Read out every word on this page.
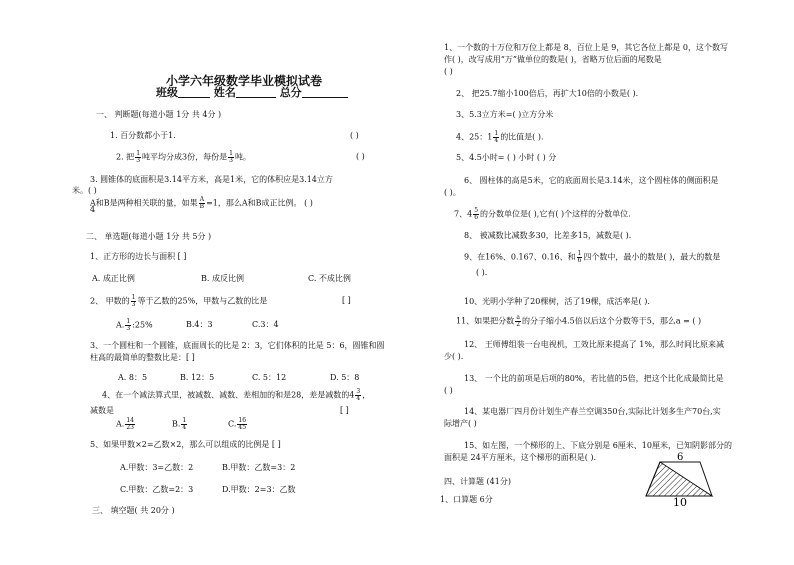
小学六年级数学毕业模拟试卷
班级	姓名	总分
一、 判断题(每道小题 1分 共 4分 )
1. 百分数都小于1.	( )
2. 把 $\frac{1}{3}$ 吨平均分成3份，每份是 $\frac{1}{3}$ 吨。	( )
3. 圆锥体的底面积是3.14平方米，高是1米，它的体积应是3.14立方
米。( )
4
A和B是两种相关联的量，如果 $\frac{A}{B} =1$，那么A和B成正比例。 ( )
二、 单选题(每道小题 1分 共 5分 )
1、正方形的边长与面积 [ ]
A. 成正比例	B. 成反比例	C. 不成比例
2、 甲数的 $\frac{1}{3}$ 等于乙数的25%，甲数与乙数的比是	[ ]
A. $\frac{1}{3}$ :25%	B.4：3	C.3：4
3、一个圆柱和一个圆锥，底面周长的比是 2：3，它们体积的比是 5：6，圆锥和圆
柱高的最简单的整数比是：[ ]
A. 8：5	B. 12：5	C. 5：12	D. 5：8
4、在一个减法算式里，被减数、减数、差相加的和是28，差是减数的$4 \frac{3}{4}$ ，
减数是	[ ]
A. $\frac{14}{23}$	B. $\frac{1}{4}$	C. $\frac{16}{45}$
5、如果甲数×2=乙数×2，那么可以组成的比例是 [ ]
A.甲数：3=乙数：2	B.甲数：乙数=3：2
C.甲数：乙数=2：3	D.甲数：2=3：乙数
三、 填空题( 共 20分 )
1、一个数的十万位和万位上都是 8，百位上是 9，其它各位上都是 0，这个数写
作( )，改写成用“万”做单位的数是( )，省略万位后面的尾数是
( )
2、 把25.7缩小100倍后，再扩大10倍的小数是( ).
3、5.3立方米=( )立方分米
4、25：$1 \frac{1}{4}$ 的比值是( ).
5、4.5小时= ( ) 小时 ( ) 分
6、 圆柱体的高是5米，它的底面周长是3.14米，这个圆柱体的侧面积是
( )。
7、$4 \frac{5}{6}$ 的分数单位是( ),它有( )个这样的分数单位.
8、 被减数比减数多30，比差多15，减数是( ).
9、在16%、0.167、0.16̇、和 $\frac{1}{6}$ 四个数中，最小的数是( )，最大的数是
( ).
10、光明小学种了20棵树，活了19棵，成活率是( ).
11、如果把分数 $\frac{a}{2}$ 的分子缩小4.5倍以后这个分数等于5，那么a = ( )
12、 王师傅组装一台电视机，工效比原来提高了 1%，那么时间比原来减
少( ).
13、 一个比的前项是后项的80%，若比值的5倍，把这个比化成最简比是
( )
14、某电器厂四月份计划生产春兰空调350台,实际比计划多生产70台,实
际增产( )
15、如左图，一个梯形的上、下底分别是 6厘米、10厘米，已知阴影部分的
面积是 24平方厘米，这个梯形的面积是( ).	6
10
四、计算题 (41分)
1、口算题 6分
